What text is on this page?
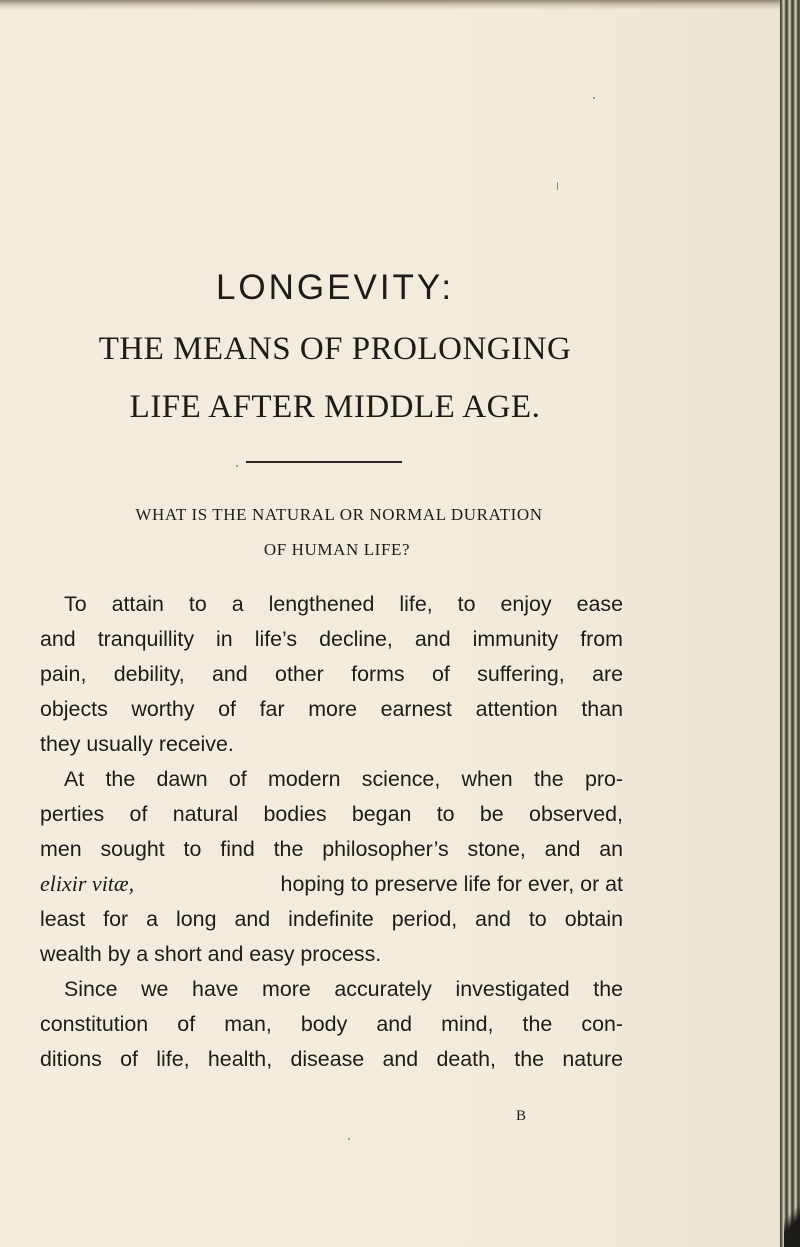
LONGEVITY:
THE MEANS OF PROLONGING
LIFE AFTER MIDDLE AGE.
WHAT IS THE NATURAL OR NORMAL DURATION
OF HUMAN LIFE?
To attain to a lengthened life, to enjoy ease
and tranquillity in life’s decline, and immunity from
pain, debility, and other forms of suffering, are
objects worthy of far more earnest attention than
they usually receive.
At the dawn of modern science, when the pro-
perties of natural bodies began to be observed,
men sought to find the philosopher’s stone, and an
elixir vitæ,	hoping to preserve life for ever, or at
least for a long and indefinite period, and to obtain
wealth by a short and easy process.
Since we have more accurately investigated the
constitution of man, body and mind, the con-
ditions of life, health, disease and death, the nature
B
